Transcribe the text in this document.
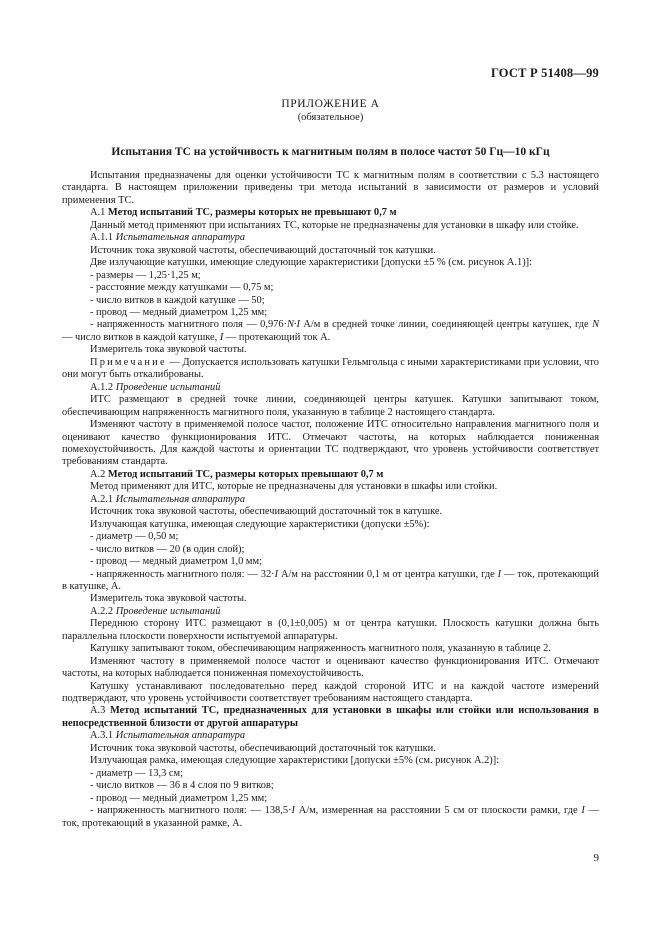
ГОСТ Р 51408—99
ПРИЛОЖЕНИЕ А
(обязательное)
Испытания ТС на устойчивость к магнитным полям в полосе частот 50 Гц—10 кГц

Испытания предназначены для оценки устойчивости ТС к магнитным полям в соответствии с 5.3 настоящего стандарта. В настоящем приложении приведены три метода испытаний в зависимости от размеров и условий применения ТС.

А.1 Метод испытаний ТС, размеры которых не превышают 0,7 м

Данный метод применяют при испытаниях ТС, которые не предназначены для установки в шкафу или стойке.

А.1.1 Испытательная аппаратура

Источник тока звуковой частоты, обеспечивающий достаточный ток катушки.

Две излучающие катушки, имеющие следующие характеристики [допуски ±5 % (см. рисунок А.1)]:

- размеры — 1,25·1,25 м;

- расстояние между катушками — 0,75 м;

- число витков в каждой катушке — 50;

- провод — медный диаметром 1,25 мм;

- напряженность магнитного поля — 0,976·N·I А/м в средней точке линии, соединяющей центры катушек, где N — число витков в каждой катушке, I — протекающий ток А.

Измеритель тока звуковой частоты.

Примечание — Допускается использовать катушки Гельмгольца с иными характеристиками при условии, что они могут быть откалиброваны.

А.1.2 Проведение испытаний

ИТС размещают в средней точке линии, соединяющей центры катушек. Катушки запитывают током, обеспечивающим напряженность магнитного поля, указанную в таблице 2 настоящего стандарта.

Изменяют частоту в применяемой полосе частот, положение ИТС относительно направления магнитного поля и оценивают качество функционирования ИТС. Отмечают частоты, на которых наблюдается пониженная помехоустойчивость. Для каждой частоты и ориентации ТС подтверждают, что уровень устойчивости соответствует требованиям стандарта.

А.2 Метод испытаний ТС, размеры которых превышают 0,7 м

Метод применяют для ИТС, которые не предназначены для установки в шкафы или стойки.

А.2.1 Испытательная аппаратура

Источник тока звуковой частоты, обеспечивающий достаточный ток в катушке.

Излучающая катушка, имеющая следующие характеристики (допуски ±5%):

- диаметр — 0,50 м;

- число витков — 20 (в один слой);

- провод — медный диаметром 1,0 мм;

- напряженность магнитного поля: — 32·I А/м на расстоянии 0,1 м от центра катушки, где I — ток, протекающий в катушке, А.

Измеритель тока звуковой частоты.

А.2.2 Проведение испытаний

Переднюю сторону ИТС размещают в (0,1±0,005) м от центра катушки. Плоскость катушки должна быть параллельна плоскости поверхности испытуемой аппаратуры.

Катушку запитывают током, обеспечивающим напряженность магнитного поля, указанную в таблице 2.

Изменяют частоту в применяемой полосе частот и оценивают качество функционирования ИТС. Отмечают частоты, на которых наблюдается пониженная помехоустойчивость.

Катушку устанавливают последовательно перед каждой стороной ИТС и на каждой частоте измерений подтверждают, что уровень устойчивости соответствует требованиям настоящего стандарта.

А.3 Метод испытаний ТС, предназначенных для установки в шкафы или стойки или использования в непосредственной близости от другой аппаратуры

А.3.1 Испытательная аппаратура

Источник тока звуковой частоты, обеспечивающий достаточный ток катушки.

Излучающая рамка, имеющая следующие характеристики [допуски ±5% (см. рисунок А.2)]:

- диаметр — 13,3 см;

- число витков — 36 в 4 слоя по 9 витков;

- провод — медный диаметром 1,25 мм;

- напряженность магнитного поля: — 138,5·I А/м, измеренная на расстоянии 5 см от плоскости рамки, где I — ток, протекающий в указанной рамке, А.

9
